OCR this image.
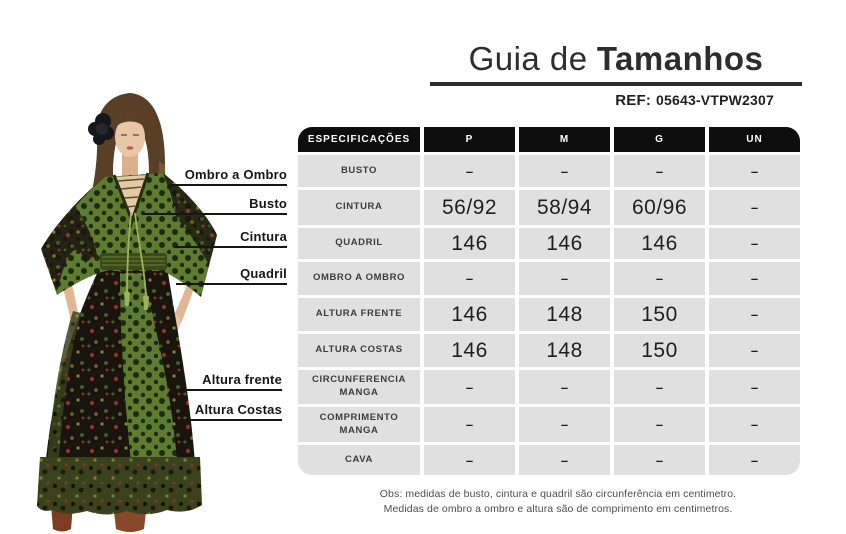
Ombro a Ombro
Busto
Cintura
Quadril
Altura frente
Altura Costas
Guia de Tamanhos
REF: 05643-VTPW2307
ESPECIFICAÇÕES	P	M	G	UN
BUSTO	–	–	–	–
CINTURA	56/92	58/94	60/96	–
QUADRIL	146	146	146	–
OMBRO A OMBRO	–	–	–	–
ALTURA FRENTE	146	148	150	–
ALTURA COSTAS	146	148	150	–
CIRCUNFERENCIA MANGA	–	–	–	–
COMPRIMENTO MANGA	–	–	–	–
CAVA	–	–	–	–
Obs: medidas de busto, cintura e quadril são circunferência em centimetro.
Medidas de ombro a ombro e altura são de comprimento em centimetros.
